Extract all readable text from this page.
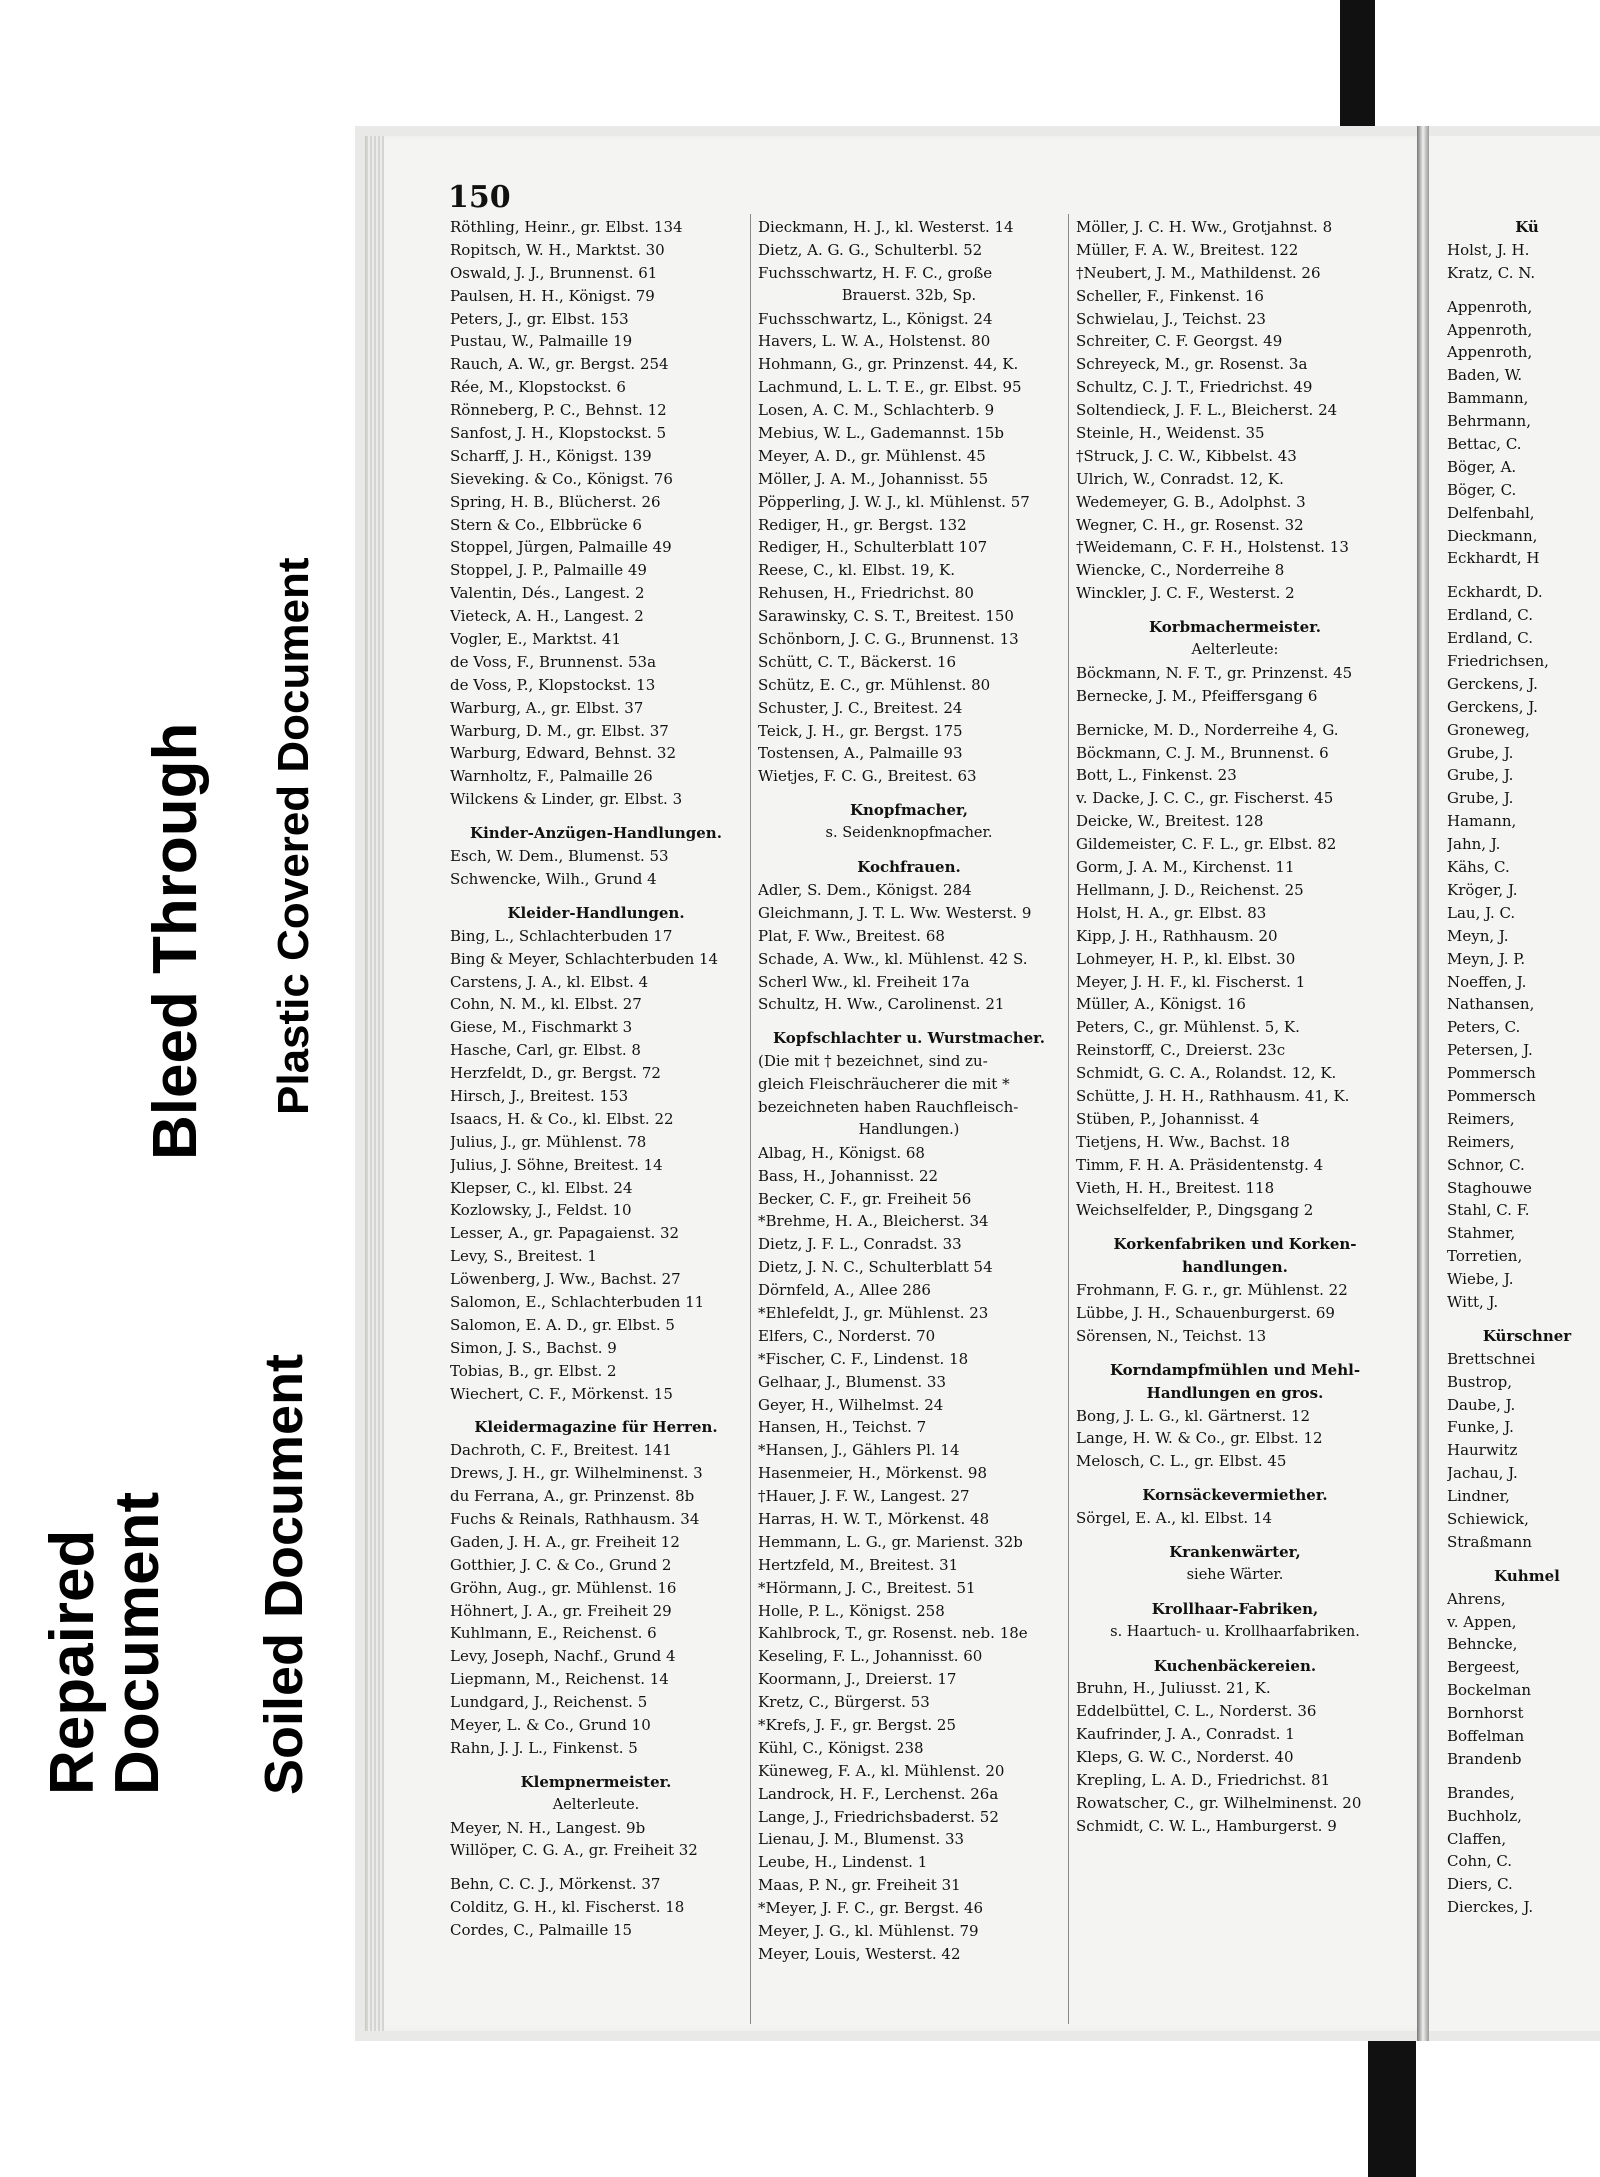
Repaired
Document Soiled Document
Bleed Through Plastic Covered Document
150
Röthling, Heinr., gr. Elbst. 134
Ropitsch, W. H., Marktst. 30
Oswald, J. J., Brunnenst. 61
Paulsen, H. H., Königst. 79
Peters, J., gr. Elbst. 153
Pustau, W., Palmaille 19
Rauch, A. W., gr. Bergst. 254
Rée, M., Klopstockst. 6
Rönneberg, P. C., Behnst. 12
Sanfost, J. H., Klopstockst. 5
Scharff, J. H., Königst. 139
Sieveking. & Co., Königst. 76
Spring, H. B., Blücherst. 26
Stern & Co., Elbbrücke 6
Stoppel, Jürgen, Palmaille 49
Stoppel, J. P., Palmaille 49
Valentin, Dés., Langest. 2
Vieteck, A. H., Langest. 2
Vogler, E., Marktst. 41
de Voss, F., Brunnenst. 53a
de Voss, P., Klopstockst. 13
Warburg, A., gr. Elbst. 37
Warburg, D. M., gr. Elbst. 37
Warburg, Edward, Behnst. 32
Warnholtz, F., Palmaille 26
Wilckens & Linder, gr. Elbst. 3
Kinder-Anzügen-Handlungen.
Esch, W. Dem., Blumenst. 53
Schwencke, Wilh., Grund 4
Kleider-Handlungen.
Bing, L., Schlachterbuden 17
Bing & Meyer, Schlachterbuden 14
Carstens, J. A., kl. Elbst. 4
Cohn, N. M., kl. Elbst. 27
Giese, M., Fischmarkt 3
Hasche, Carl, gr. Elbst. 8
Herzfeldt, D., gr. Bergst. 72
Hirsch, J., Breitest. 153
Isaacs, H. & Co., kl. Elbst. 22
Julius, J., gr. Mühlenst. 78
Julius, J. Söhne, Breitest. 14
Klepser, C., kl. Elbst. 24
Kozlowsky, J., Feldst. 10
Lesser, A., gr. Papagaienst. 32
Levy, S., Breitest. 1
Löwenberg, J. Ww., Bachst. 27
Salomon, E., Schlachterbuden 11
Salomon, E. A. D., gr. Elbst. 5
Simon, J. S., Bachst. 9
Tobias, B., gr. Elbst. 2
Wiechert, C. F., Mörkenst. 15
Kleidermagazine für Herren.
Dachroth, C. F., Breitest. 141
Drews, J. H., gr. Wilhelminenst. 3
du Ferrana, A., gr. Prinzenst. 8b
Fuchs & Reinals, Rathhausm. 34
Gaden, J. H. A., gr. Freiheit 12
Gotthier, J. C. & Co., Grund 2
Gröhn, Aug., gr. Mühlenst. 16
Höhnert, J. A., gr. Freiheit 29
Kuhlmann, E., Reichenst. 6
Levy, Joseph, Nachf., Grund 4
Liepmann, M., Reichenst. 14
Lundgard, J., Reichenst. 5
Meyer, L. & Co., Grund 10
Rahn, J. J. L., Finkenst. 5
Klempnermeister.
Aelterleute.
Meyer, N. H., Langest. 9b
Willöper, C. G. A., gr. Freiheit 32
Behn, C. C. J., Mörkenst. 37
Colditz, G. H., kl. Fischerst. 18
Cordes, C., Palmaille 15
Dieckmann, H. J., kl. Westerst. 14
Dietz, A. G. G., Schulterbl. 52
Fuchsschwartz, H. F. C., große
Brauerst. 32b, Sp.
Fuchsschwartz, L., Königst. 24
Havers, L. W. A., Holstenst. 80
Hohmann, G., gr. Prinzenst. 44, K.
Lachmund, L. L. T. E., gr. Elbst. 95
Losen, A. C. M., Schlachterb. 9
Mebius, W. L., Gademannst. 15b
Meyer, A. D., gr. Mühlenst. 45
Möller, J. A. M., Johannisst. 55
Pöpperling, J. W. J., kl. Mühlenst. 57
Rediger, H., gr. Bergst. 132
Rediger, H., Schulterblatt 107
Reese, C., kl. Elbst. 19, K.
Rehusen, H., Friedrichst. 80
Sarawinsky, C. S. T., Breitest. 150
Schönborn, J. C. G., Brunnenst. 13
Schütt, C. T., Bäckerst. 16
Schütz, E. C., gr. Mühlenst. 80
Schuster, J. C., Breitest. 24
Teick, J. H., gr. Bergst. 175
Tostensen, A., Palmaille 93
Wietjes, F. C. G., Breitest. 63
Knopfmacher,
s. Seidenknopfmacher.
Kochfrauen.
Adler, S. Dem., Königst. 284
Gleichmann, J. T. L. Ww. Westerst. 9
Plat, F. Ww., Breitest. 68
Schade, A. Ww., kl. Mühlenst. 42 S.
Scherl Ww., kl. Freiheit 17a
Schultz, H. Ww., Carolinenst. 21
Kopfschlachter u. Wurstmacher.
(Die mit † bezeichnet, sind zu-
gleich Fleischräucherer die mit *
bezeichneten haben Rauchfleisch-
Handlungen.)
Albag, H., Königst. 68
Bass, H., Johannisst. 22
Becker, C. F., gr. Freiheit 56
*Brehme, H. A., Bleicherst. 34
Dietz, J. F. L., Conradst. 33
Dietz, J. N. C., Schulterblatt 54
Dörnfeld, A., Allee 286
*Ehlefeldt, J., gr. Mühlenst. 23
Elfers, C., Norderst. 70
*Fischer, C. F., Lindenst. 18
Gelhaar, J., Blumenst. 33
Geyer, H., Wilhelmst. 24
Hansen, H., Teichst. 7
*Hansen, J., Gählers Pl. 14
Hasenmeier, H., Mörkenst. 98
†Hauer, J. F. W., Langest. 27
Harras, H. W. T., Mörkenst. 48
Hemmann, L. G., gr. Marienst. 32b
Hertzfeld, M., Breitest. 31
*Hörmann, J. C., Breitest. 51
Holle, P. L., Königst. 258
Kahlbrock, T., gr. Rosenst. neb. 18e
Keseling, F. L., Johannisst. 60
Koormann, J., Dreierst. 17
Kretz, C., Bürgerst. 53
*Krefs, J. F., gr. Bergst. 25
Kühl, C., Königst. 238
Küneweg, F. A., kl. Mühlenst. 20
Landrock, H. F., Lerchenst. 26a
Lange, J., Friedrichsbaderst. 52
Lienau, J. M., Blumenst. 33
Leube, H., Lindenst. 1
Maas, P. N., gr. Freiheit 31
*Meyer, J. F. C., gr. Bergst. 46
Meyer, J. G., kl. Mühlenst. 79
Meyer, Louis, Westerst. 42
Möller, J. C. H. Ww., Grotjahnst. 8
Müller, F. A. W., Breitest. 122
†Neubert, J. M., Mathildenst. 26
Scheller, F., Finkenst. 16
Schwielau, J., Teichst. 23
Schreiter, C. F. Georgst. 49
Schreyeck, M., gr. Rosenst. 3a
Schultz, C. J. T., Friedrichst. 49
Soltendieck, J. F. L., Bleicherst. 24
Steinle, H., Weidenst. 35
†Struck, J. C. W., Kibbelst. 43
Ulrich, W., Conradst. 12, K.
Wedemeyer, G. B., Adolphst. 3
Wegner, C. H., gr. Rosenst. 32
†Weidemann, C. F. H., Holstenst. 13
Wiencke, C., Norderreihe 8
Winckler, J. C. F., Westerst. 2
Korbmachermeister.
Aelterleute:
Böckmann, N. F. T., gr. Prinzenst. 45
Bernecke, J. M., Pfeiffersgang 6
Bernicke, M. D., Norderreihe 4, G.
Böckmann, C. J. M., Brunnenst. 6
Bott, L., Finkenst. 23
v. Dacke, J. C. C., gr. Fischerst. 45
Deicke, W., Breitest. 128
Gildemeister, C. F. L., gr. Elbst. 82
Gorm, J. A. M., Kirchenst. 11
Hellmann, J. D., Reichenst. 25
Holst, H. A., gr. Elbst. 83
Kipp, J. H., Rathhausm. 20
Lohmeyer, H. P., kl. Elbst. 30
Meyer, J. H. F., kl. Fischerst. 1
Müller, A., Königst. 16
Peters, C., gr. Mühlenst. 5, K.
Reinstorff, C., Dreierst. 23c
Schmidt, G. C. A., Rolandst. 12, K.
Schütte, J. H. H., Rathhausm. 41, K.
Stüben, P., Johannisst. 4
Tietjens, H. Ww., Bachst. 18
Timm, F. H. A. Präsidentenstg. 4
Vieth, H. H., Breitest. 118
Weichselfelder, P., Dingsgang 2
Korkenfabriken und Korken-
handlungen.
Frohmann, F. G. r., gr. Mühlenst. 22
Lübbe, J. H., Schauenburgerst. 69
Sörensen, N., Teichst. 13
Korndampfmühlen und Mehl-
Handlungen en gros.
Bong, J. L. G., kl. Gärtnerst. 12
Lange, H. W. & Co., gr. Elbst. 12
Melosch, C. L., gr. Elbst. 45
Kornsäckevermiether.
Sörgel, E. A., kl. Elbst. 14
Krankenwärter,
siehe Wärter.
Krollhaar-Fabriken,
s. Haartuch- u. Krollhaarfabriken.
Kuchenbäckereien.
Bruhn, H., Juliusst. 21, K.
Eddelbüttel, C. L., Norderst. 36
Kaufrinder, J. A., Conradst. 1
Kleps, G. W. C., Norderst. 40
Krepling, L. A. D., Friedrichst. 81
Rowatscher, C., gr. Wilhelminenst. 20
Schmidt, C. W. L., Hamburgerst. 9
Kü
Holst, J. H.
Kratz, C. N.
Appenroth,
Appenroth,
Appenroth,
Baden, W.
Bammann,
Behrmann,
Bettac, C.
Böger, A.
Böger, C.
Delfenbahl,
Dieckmann,
Eckhardt, H
Eckhardt, D.
Erdland, C.
Erdland, C.
Friedrichsen,
Gerckens, J.
Gerckens, J.
Groneweg,
Grube, J.
Grube, J.
Grube, J.
Hamann,
Jahn, J.
Kähs, C.
Kröger, J.
Lau, J. C.
Meyn, J.
Meyn, J. P.
Noeffen, J.
Nathansen,
Peters, C.
Petersen, J.
Pommersch
Pommersch
Reimers,
Reimers,
Schnor, C.
Staghouwe
Stahl, C. F.
Stahmer,
Torretien,
Wiebe, J.
Witt, J.
Kürschner
Brettschnei
Bustrop,
Daube, J.
Funke, J.
Haurwitz
Jachau, J.
Lindner,
Schiewick,
Straßmann
Kuhmel
Ahrens,
v. Appen,
Behncke,
Bergeest,
Bockelman
Bornhorst
Boffelman
Brandenb
Brandes,
Buchholz,
Claffen,
Cohn, C.
Diers, C.
Dierckes, J.
